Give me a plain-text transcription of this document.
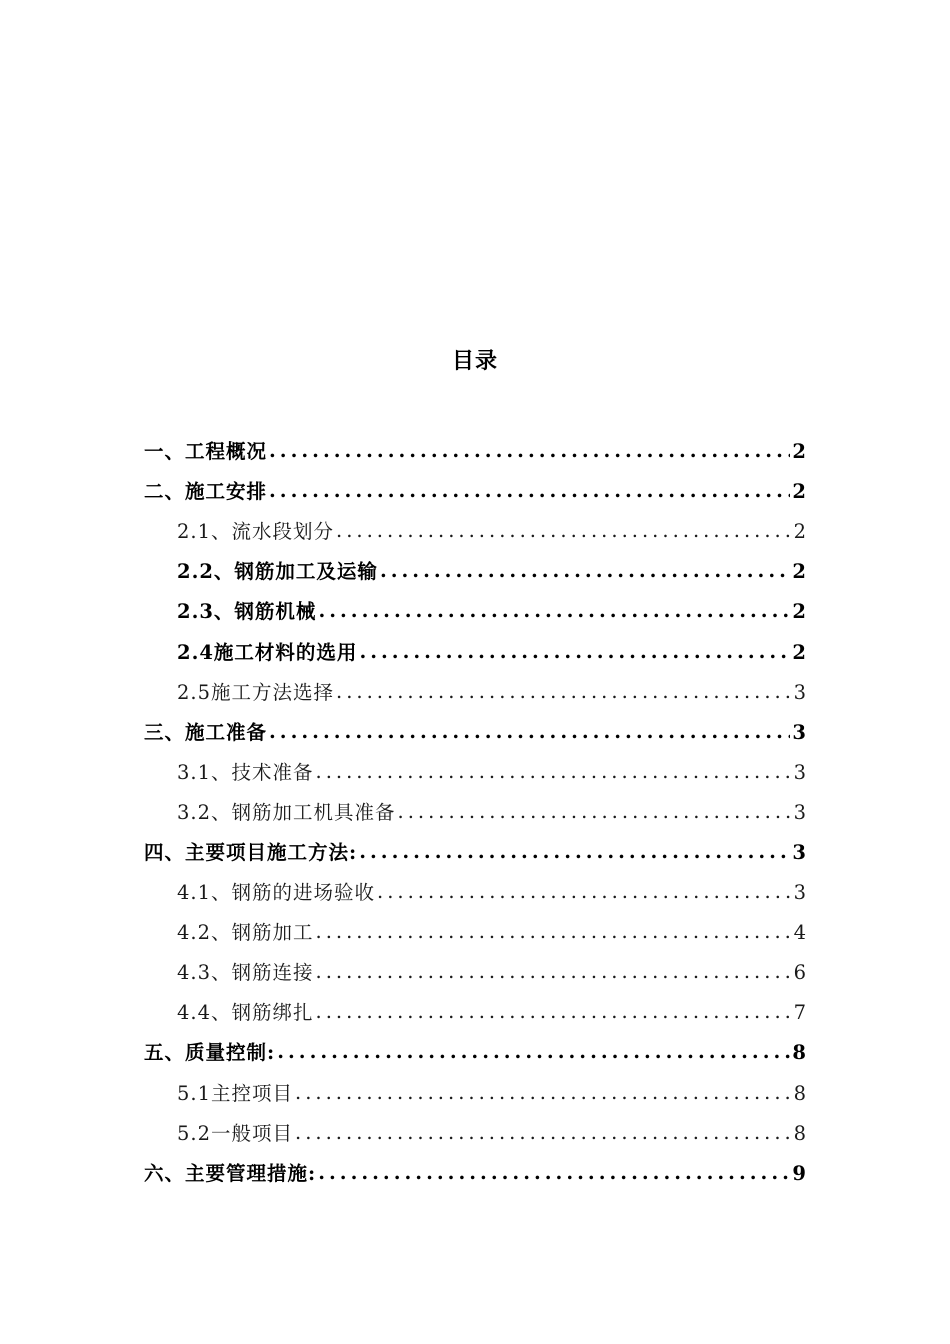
目录
一、工程概况 .....	2
二、施工安排 .....	2
2.1、流水段划分 .....	2
2.2、钢筋加工及运输 .....	2
2.3、钢筋机械 .....	2
2.4施工材料的选用 .....	2
2.5施工方法选择 .....	3
三、施工准备 .....	3
3.1、技术准备 .....	3
3.2、钢筋加工机具准备 .....	3
四、主要项目施工方法: .....	3
4.1、钢筋的进场验收 .....	3
4.2、钢筋加工 .....	4
4.3、钢筋连接 .....	6
4.4、钢筋绑扎 .....	7
五、质量控制: .....	8
5.1主控项目 .....	8
5.2一般项目 .....	8
六、主要管理措施: .....	9
